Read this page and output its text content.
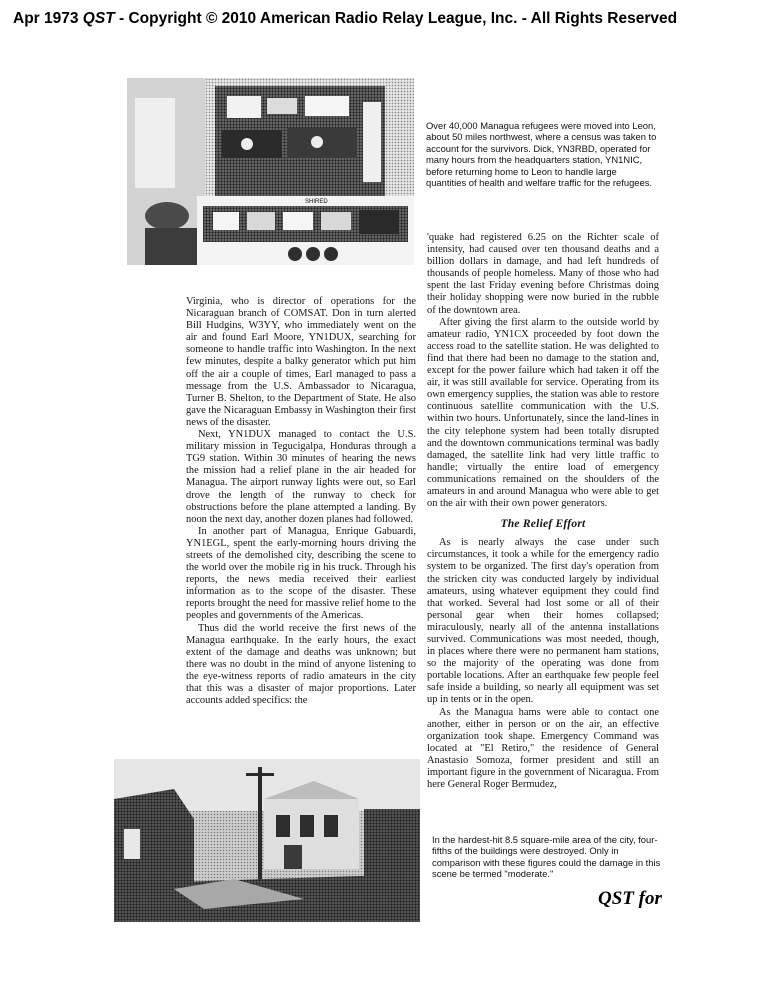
Apr 1973 QST - Copyright © 2010 American Radio Relay League, Inc. - All Rights Reserved
SHIRED
Over 40,000 Managua refugees were moved into Leon, about 50 miles northwest, where a census was taken to account for the survivors. Dick, YN3RBD, operated for many hours from the headquarters station, YN1NIC, before returning home to Leon to handle large quantities of health and welfare traffic for the refugees.

Virginia, who is director of operations for the Nicaraguan branch of COMSAT. Don in turn alerted Bill Hudgins, W3YY, who immediately went on the air and found Earl Moore, YN1DUX, searching for someone to handle traffic into Washington. In the next few minutes, despite a balky generator which put him off the air a couple of times, Earl managed to pass a message from the U.S. Ambassador to Nicaragua, Turner B. Shelton, to the Department of State. He also gave the Nicaraguan Embassy in Washington their first news of the disaster.

Next, YN1DUX managed to contact the U.S. military mission in Tegucigalpa, Honduras through a TG9 station. Within 30 minutes of hearing the news the mission had a relief plane in the air headed for Managua. The airport runway lights were out, so Earl drove the length of the runway to check for obstructions before the plane attempted a landing. By noon the next day, another dozen planes had followed.

In another part of Managua, Enrique Gabuardi, YN1EGL, spent the early-morning hours driving the streets of the demolished city, describing the scene to the world over the mobile rig in his truck. Through his reports, the news media received their earliest information as to the scope of the disaster. These reports brought the need for massive relief home to the peoples and governments of the Americas.

Thus did the world receive the first news of the Managua earthquake. In the early hours, the exact extent of the damage and deaths was unknown; but there was no doubt in the mind of anyone listening to the eye-witness reports of radio amateurs in the city that this was a disaster of major proportions. Later accounts added specifics: the

'quake had registered 6.25 on the Richter scale of intensity, had caused over ten thousand deaths and a billion dollars in damage, and had left hundreds of thousands of people homeless. Many of those who had spent the last Friday evening before Christmas doing their holiday shopping were now buried in the rubble of the downtown area.

After giving the first alarm to the outside world by amateur radio, YN1CX proceeded by foot down the access road to the satellite station. He was delighted to find that there had been no damage to the station and, except for the power failure which had taken it off the air, it was still available for service. Operating from its own emergency supplies, the station was able to restore continuous satellite communication with the U.S. within two hours. Unfortunately, since the land-lines in the city telephone system had been totally disrupted and the downtown communications terminal was badly damaged, the satellite link had very little traffic to handle; virtually the entire load of emergency communications remained on the shoulders of the amateurs in and around Managua who were able to get on the air with their own power generators.

The Relief Effort

As is nearly always the case under such circumstances, it took a while for the emergency radio system to be organized. The first day's operation from the stricken city was conducted largely by individual amateurs, using whatever equipment they could find that worked. Several had lost some or all of their personal gear when their homes collapsed; miraculously, nearly all of the antenna installations survived. Communications was most needed, though, in places where there were no permanent ham stations, so the majority of the operating was done from portable locations. After an earthquake few people feel safe inside a building, so nearly all equipment was set up in tents or in the open.

As the Managua hams were able to contact one another, either in person or on the air, an effective organization took shape. Emergency Command was located at "El Retiro," the residence of General Anastasio Somoza, former president and still an important figure in the government of Nicaragua. From here General Roger Bermudez,

In the hardest-hit 8.5 square-mile area of the city, four-fifths of the buildings were destroyed. Only in comparison with these figures could the damage in this scene be termed "moderate."
QST for
